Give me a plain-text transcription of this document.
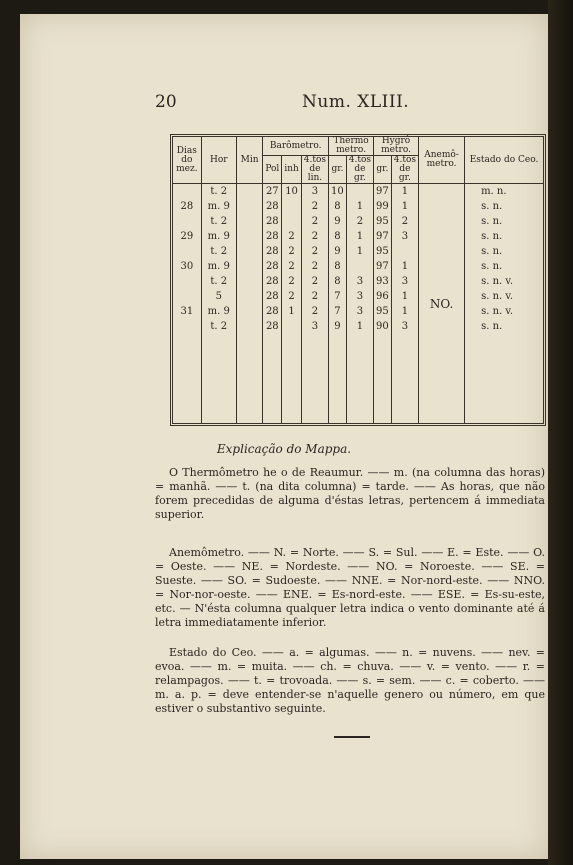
20	Num. XLIII.
Dias do mez.	Hor	Min	Barômetro.			Thermo metro.		Hygrô metro.		Anemô- metro.	Estado do Ceo.
			Pol	inh	4.tos de lin.	gr.	4.tos de gr.	gr.	4.tos de gr.		
	t. 2		27	10	3	10		97	1	NO.	m. n.
28	m. 9		28		2	8	1	99	1		s. n.
	t. 2		28		2	9	2	95	2		s. n.
29	m. 9		28	2	2	8	1	97	3		s. n.
	t. 2		28	2	2	9	1	95			s. n.
30	m. 9		28	2	2	8		97	1		s. n.
	t. 2		28	2	2	8	3	93	3		s. n. v.
	5		28	2	2	7	3	96	1		s. n. v.
31	m. 9		28	1	2	7	3	95	1		s. n. v.
	t. 2		28		3	9	1	90	3		s. n.

Explicação do Mappa.

O Thermômetro he o de Reaumur. —— m. (na columna das horas) = manhã. —— t. (na dita columna) = tarde. —— As horas, que não forem precedidas de alguma d'éstas letras, pertencem á immediata superior.

Anemômetro. —— N. = Norte. —— S. = Sul. —— E. = Este. —— O. = Oeste. —— NE. = Nordeste. —— NO. = Noroeste. —— SE. = Sueste. —— SO. = Sudoeste. —— NNE. = Nor-nord-este. —— NNO. = Nor-nor-oeste. —— ENE. = Es-nord-este. —— ESE. = Es-su-este, etc. — N'ésta columna qualquer letra indica o vento dominante até á letra immediatamente inferior.

Estado do Ceo. —— a. = algumas. —— n. = nuvens. —— nev. = evoa. —— m. = muita. —— ch. = chuva. —— v. = vento. —— r. = relampagos. —— t. = trovoada. —— s. = sem. —— c. = coberto. —— m. a. p. = deve entender-se n'aquelle genero ou número, em que estiver o substantivo seguinte.
